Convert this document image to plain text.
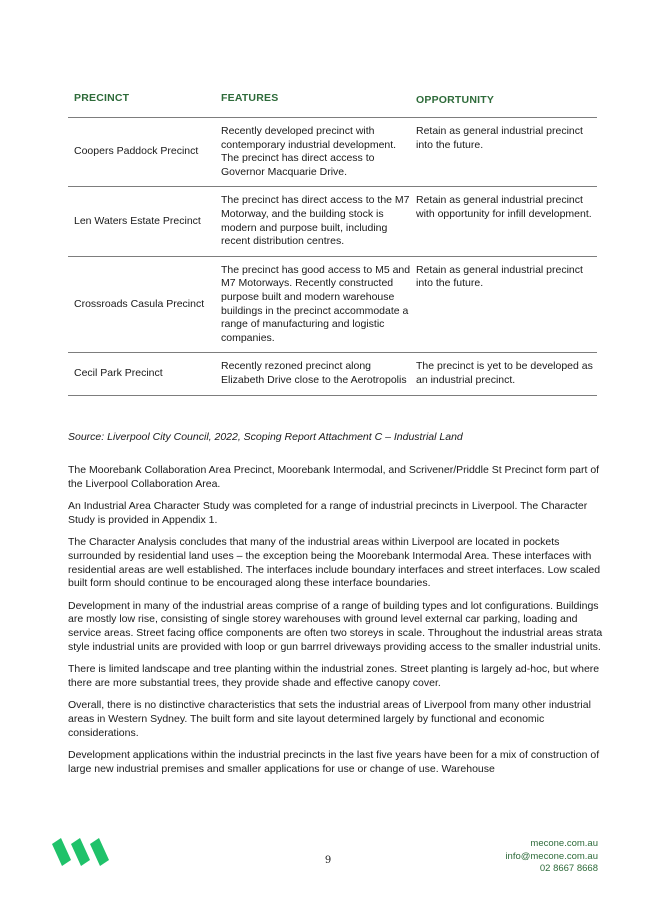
PRECINCT	FEATURES	OPPORTUNITY
Coopers Paddock Precinct
Recently developed precinct with contemporary industrial development. The precinct has direct access to Governor Macquarie Drive.
Retain as general industrial precinct into the future.
Len Waters Estate Precinct
The precinct has direct access to the M7 Motorway, and the building stock is modern and purpose built, including recent distribution centres.
Retain as general industrial precinct with opportunity for infill development.
Crossroads Casula Precinct
The precinct has good access to M5 and M7 Motorways. Recently constructed purpose built and modern warehouse buildings in the precinct accommodate a range of manufacturing and logistic companies.
Retain as general industrial precinct into the future.
Cecil Park Precinct
Recently rezoned precinct along Elizabeth Drive close to the Aerotropolis
The precinct is yet to be developed as an industrial precinct.
Source: Liverpool City Council, 2022, Scoping Report Attachment C – Industrial Land

The Moorebank Collaboration Area Precinct, Moorebank Intermodal, and Scrivener/Priddle St Precinct form part of the Liverpool Collaboration Area.

An Industrial Area Character Study was completed for a range of industrial precincts in Liverpool. The Character Study is provided in Appendix 1.

The Character Analysis concludes that many of the industrial areas within Liverpool are located in pockets surrounded by residential land uses – the exception being the Moorebank Intermodal Area. These interfaces with residential areas are well established. The interfaces include boundary interfaces and street interfaces. Low scaled built form should continue to be encouraged along these interface boundaries.

Development in many of the industrial areas comprise of a range of building types and lot configurations. Buildings are mostly low rise, consisting of single storey warehouses with ground level external car parking, loading and service areas. Street facing office components are often two storeys in scale. Throughout the industrial areas strata style industrial units are provided with loop or gun barrrel driveways providing access to the smaller industrial units.

There is limited landscape and tree planting within the industrial zones. Street planting is largely ad-hoc, but where there are more substantial trees, they provide shade and effective canopy cover.

Overall, there is no distinctive characteristics that sets the industrial areas of Liverpool from many other industrial areas in Western Sydney. The built form and site layout determined largely by functional and economic considerations.

Development applications within the industrial precincts in the last five years have been for a mix of construction of large new industrial premises and smaller applications for use or change of use. Warehouse

9
mecone.com.au
info@mecone.com.au
02 8667 8668
